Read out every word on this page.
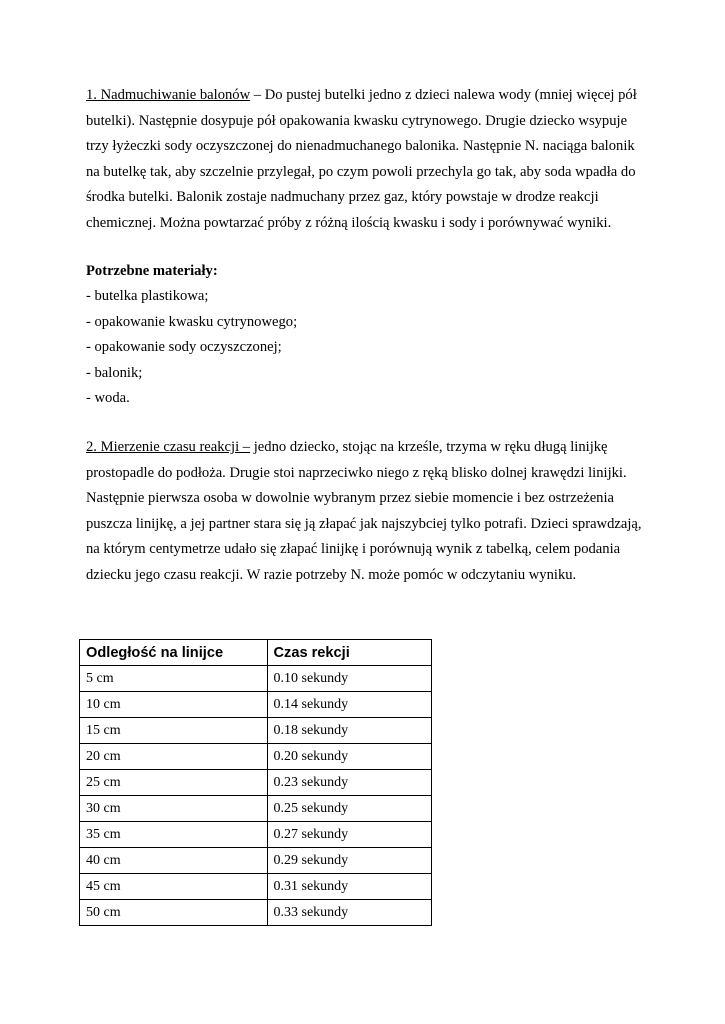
1. Nadmuchiwanie balonów – Do pustej butelki jedno z dzieci nalewa wody (mniej więcej pół butelki). Następnie dosypuje pół opakowania kwasku cytrynowego. Drugie dziecko wsypuje trzy łyżeczki sody oczyszczonej do nienadmuchanego balonika. Następnie N. naciąga balonik na butelkę tak, aby szczelnie przylegał, po czym powoli przechyla go tak, aby soda wpadła do środka butelki. Balonik zostaje nadmuchany przez gaz, który powstaje w drodze reakcji chemicznej. Można powtarzać próby z różną ilością kwasku i sody i porównywać wyniki.

Potrzebne materiały:
- butelka plastikowa;
- opakowanie kwasku cytrynowego;
- opakowanie sody oczyszczonej;
- balonik;
- woda.

2. Mierzenie czasu reakcji – jedno dziecko, stojąc na krześle, trzyma w ręku długą linijkę prostopadle do podłoża. Drugie stoi naprzeciwko niego z ręką blisko dolnej krawędzi linijki. Następnie pierwsza osoba w dowolnie wybranym przez siebie momencie i bez ostrzeżenia puszcza linijkę, a jej partner stara się ją złapać jak najszybciej tylko potrafi. Dzieci sprawdzają, na którym centymetrze udało się złapać linijkę i porównują wynik z tabelką, celem podania dziecku jego czasu reakcji. W razie potrzeby N. może pomóc w odczytaniu wyniku.

Odległość na linijce	Czas rekcji
5 cm	0.10 sekundy
10 cm	0.14 sekundy
15 cm	0.18 sekundy
20 cm	0.20 sekundy
25 cm	0.23 sekundy
30 cm	0.25 sekundy
35 cm	0.27 sekundy
40 cm	0.29 sekundy
45 cm	0.31 sekundy
50 cm	0.33 sekundy
